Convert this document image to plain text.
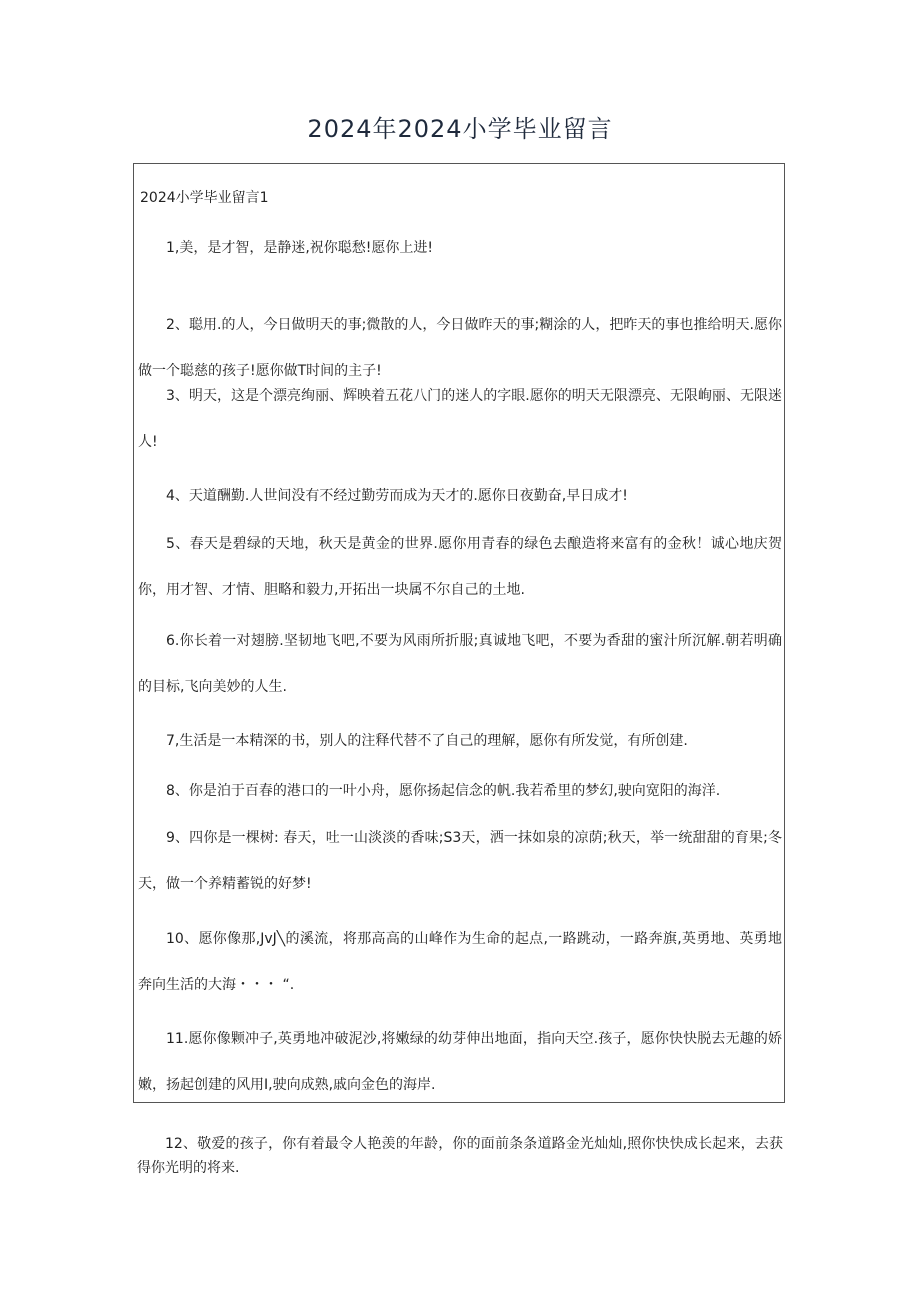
2024年2024小学毕业留言
2024小学毕业留言1

1,美，是才智，是静迷,祝你聪愁!愿你上进!

2、聪用.的人，今日做明天的事;微散的人，今日做昨天的事;糊涂的人，把昨天的事也推给明天.愿你做一个聪慈的孩子!愿你做T时间的主子!

3、明天，这是个漂亮绚丽、辉映着五花八门的迷人的字眼.愿你的明天无限漂亮、无限峋丽、无限迷人!

4、天道酬勤.人世间没有不经过勤劳而成为天才的.愿你日夜勤奋,早日成才!

5、春天是碧绿的天地，秋天是黄金的世界.愿你用青春的绿色去酿造将来富有的金秋！诚心地庆贺你，用才智、才情、胆略和毅力,开拓出一块属不尔自己的土地.

6.你长着一对翅膀.坚韧地飞吧,不要为风雨所折服;真诚地飞吧，不要为香甜的蜜汁所沉解.朝若明确的目标,飞向美妙的人生.

7,生活是一本精深的书，别人的注释代替不了自己的理解，愿你有所发觉，有所创建.

8、你是泊于百春的港口的一叶小舟，愿你扬起信念的帆.我若希里的梦幻,驶向宽阳的海洋.

9、四你是一棵树: 春天，吐一山淡淡的香味;S3天，洒一抹如泉的凉荫;秋天，举一统甜甜的育果;冬天，做一个养精蓄锐的好梦!

10、愿你像那,JvJ╲的溪流，将那高高的山峰作为生命的起点,一路跳动，一路奔旗,英勇地、英勇地奔向生活的大海・・・ “.

11.愿你像颗冲子,英勇地冲破泥沙,将嫩绿的幼芽伸出地面，指向天空.孩子，愿你快快脱去无趣的娇嫩，扬起创建的风用I,驶向成熟,戚向金色的海岸.

12、敬爱的孩子，你有着最令人艳羡的年龄，你的面前条条道路金光灿灿,照你快快成长起来，去获得你光明的将来.
